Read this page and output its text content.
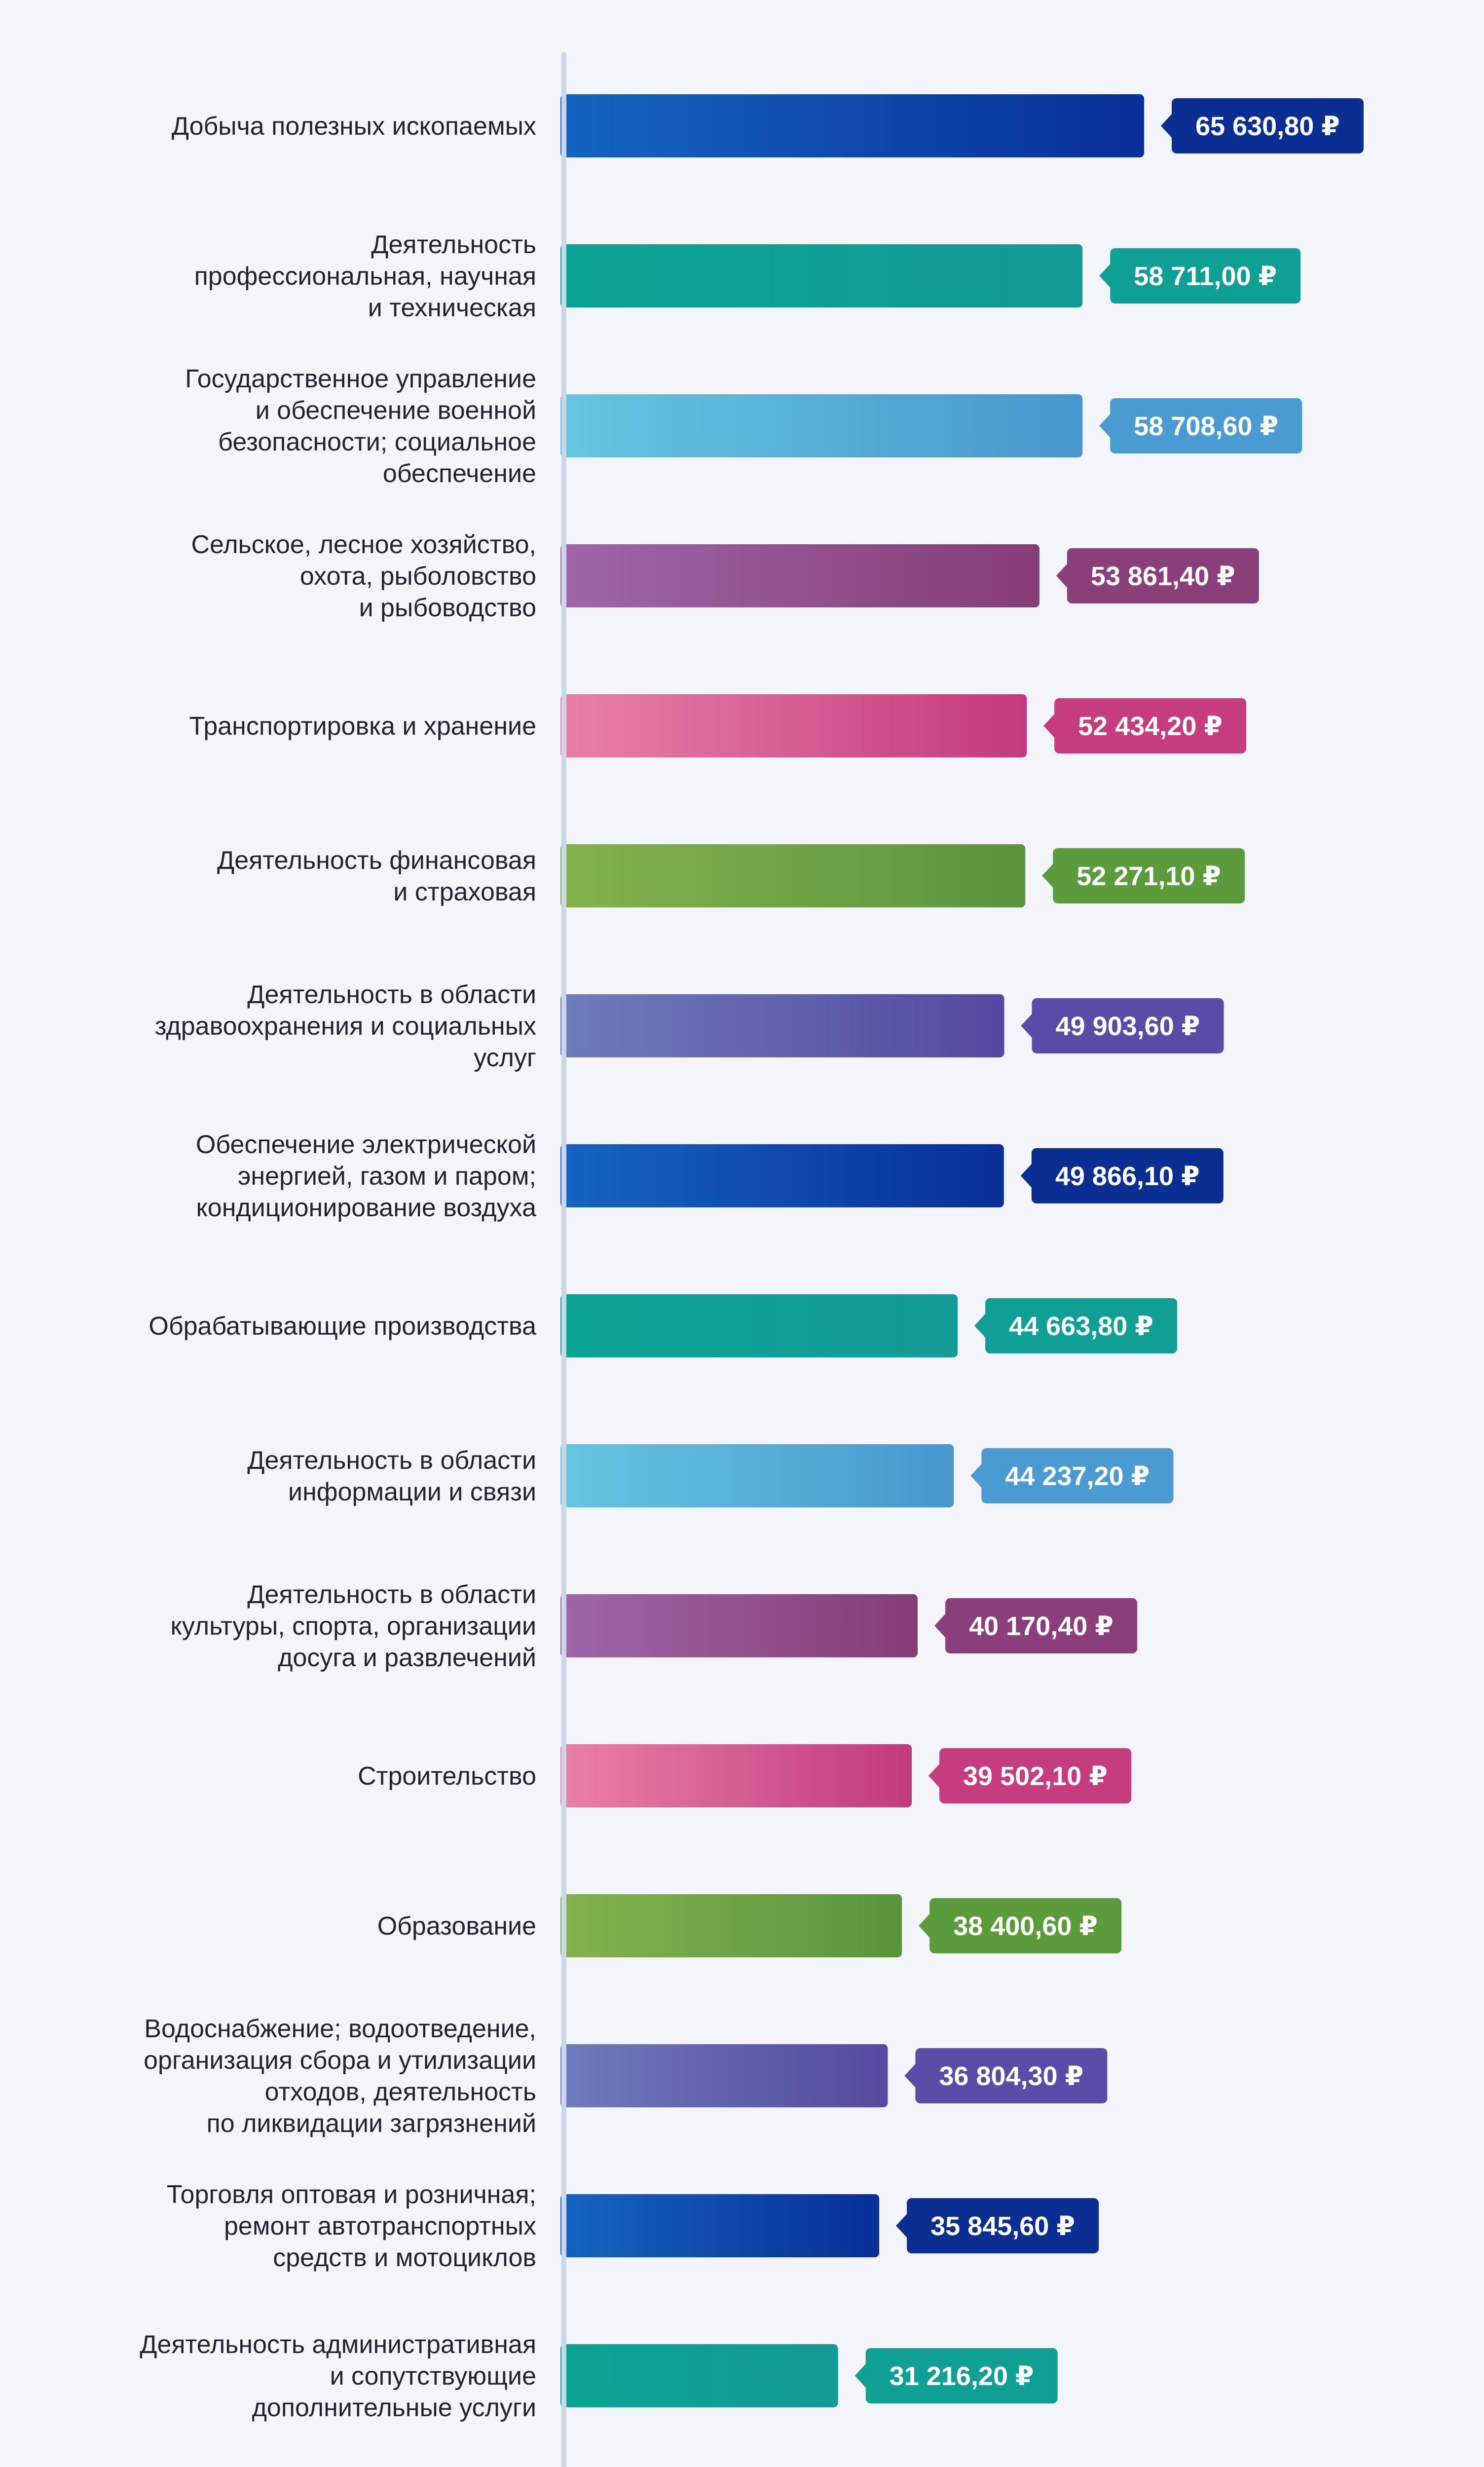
65 630,80 ₽
Добыча полезных ископаемых
58 711,00 ₽
Деятельность профессиональная, научная и техническая
58 708,60 ₽
Государственное управление и обеспечение военной безопасности; социальное обеспечение
53 861,40 ₽
Сельское, лесное хозяйство, охота, рыболовство и рыбоводство
52 434,20 ₽
Транспортировка и хранение
52 271,10 ₽
Деятельность финансовая и страховая
49 903,60 ₽
Деятельность в области здравоохранения и социальных услуг
49 866,10 ₽
Обеспечение электрической энергией, газом и паром; кондиционирование воздуха
44 663,80 ₽
Обрабатывающие производства
44 237,20 ₽
Деятельность в области информации и связи
40 170,40 ₽
Деятельность в области культуры, спорта, организации досуга и развлечений
39 502,10 ₽
Строительство
38 400,60 ₽
Образование
36 804,30 ₽
Водоснабжение; водоотведение, организация сбора и утилизации отходов, деятельность по ликвидации загрязнений
35 845,60 ₽
Торговля оптовая и розничная; ремонт автотранспортных средств и мотоциклов
31 216,20 ₽
Деятельность административная и сопутствующие дополнительные услуги
